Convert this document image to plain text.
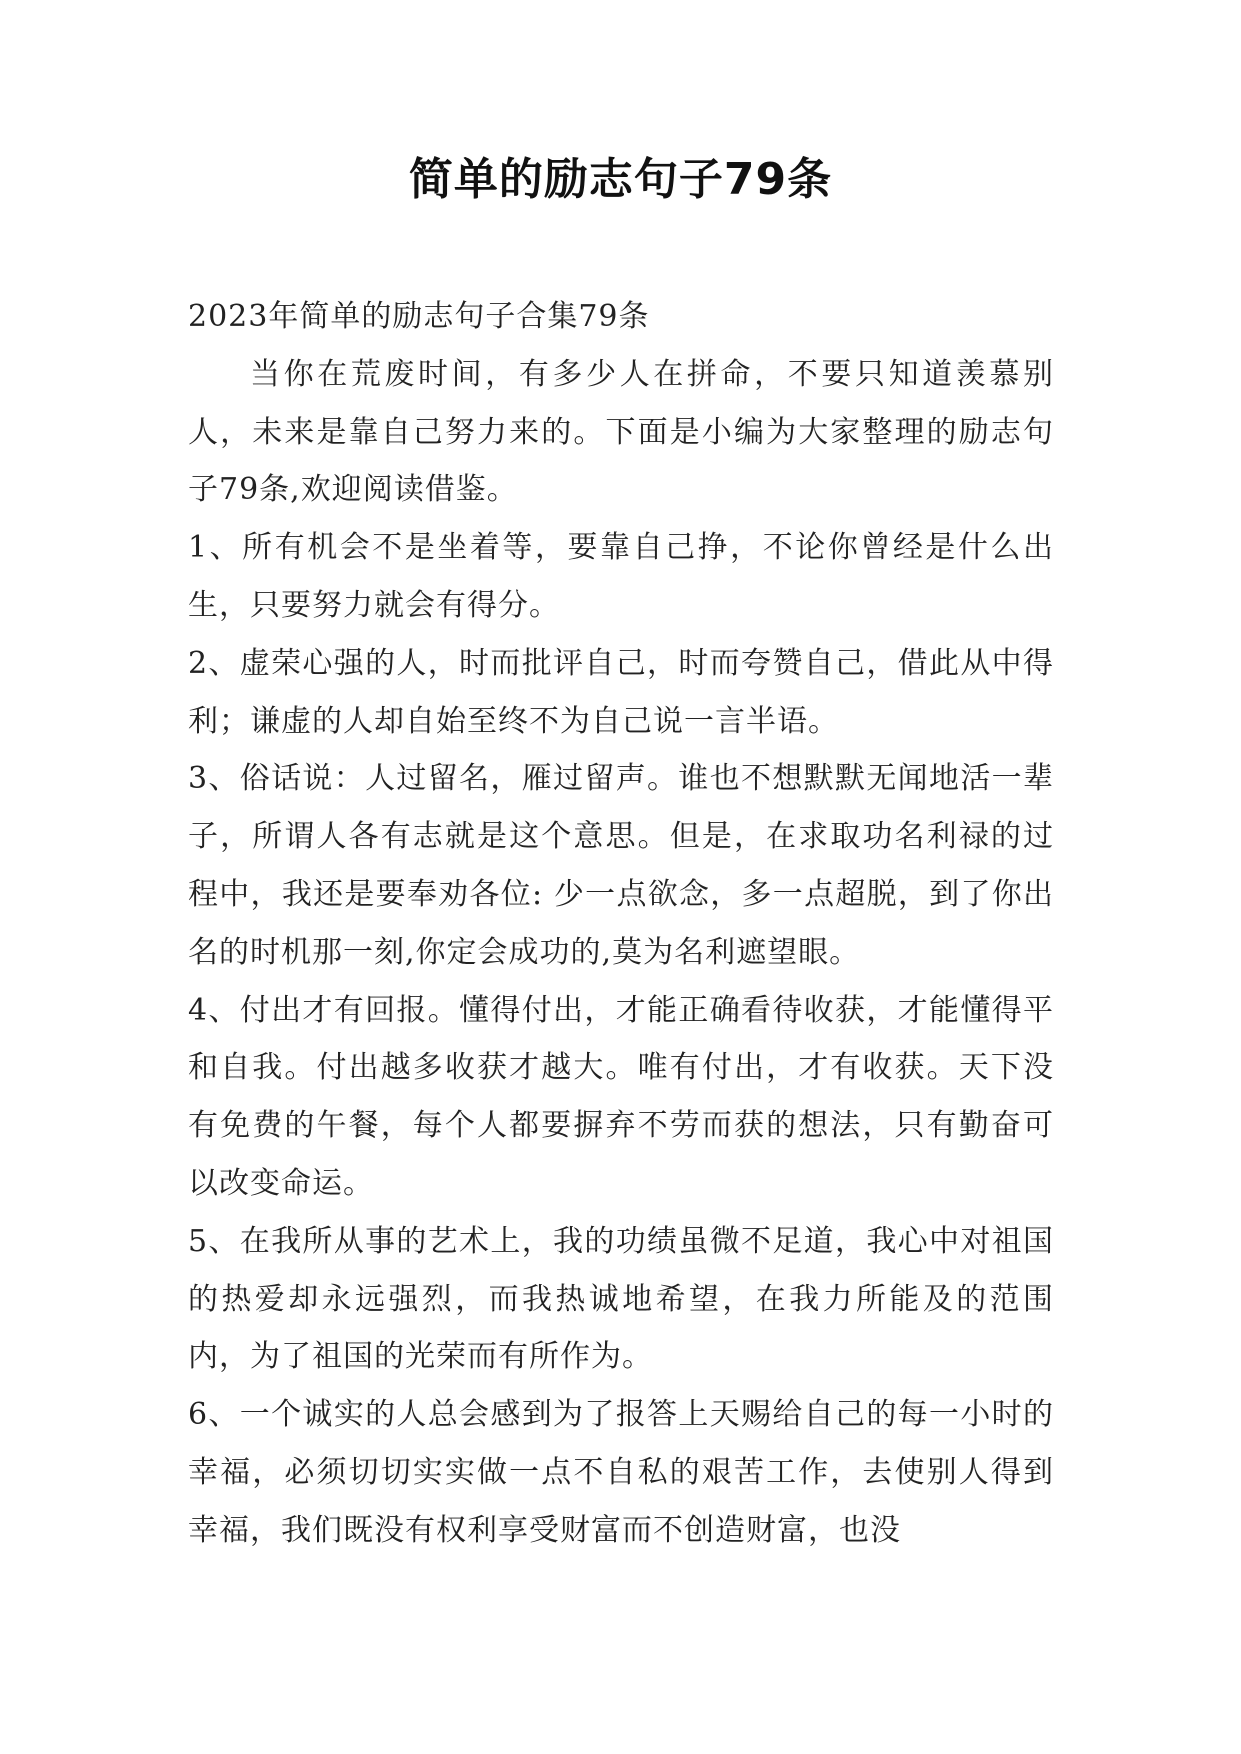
简单的励志句子79条

2023年简单的励志句子合集79条

当你在荒废时间，有多少人在拼命，不要只知道羡慕别人，未来是靠自己努力来的。下面是小编为大家整理的励志句子79条,欢迎阅读借鉴。

1、所有机会不是坐着等，要靠自己挣，不论你曾经是什么出生，只要努力就会有得分。

2、虚荣心强的人，时而批评自己，时而夸赞自己，借此从中得利；谦虚的人却自始至终不为自己说一言半语。

3、俗话说：人过留名，雁过留声。谁也不想默默无闻地活一辈子，所谓人各有志就是这个意思。但是，在求取功名利禄的过程中，我还是要奉劝各位: 少一点欲念，多一点超脱，到了你出名的时机那一刻,你定会成功的,莫为名利遮望眼。

4、付出才有回报。懂得付出，才能正确看待收获，才能懂得平和自我。付出越多收获才越大。唯有付出，才有收获。天下没有免费的午餐，每个人都要摒弃不劳而获的想法，只有勤奋可以改变命运。

5、在我所从事的艺术上，我的功绩虽微不足道，我心中对祖国的热爱却永远强烈，而我热诚地希望，在我力所能及的范围内，为了祖国的光荣而有所作为。

6、一个诚实的人总会感到为了报答上天赐给自己的每一小时的幸福，必须切切实实做一点不自私的艰苦工作，去使别人得到幸福，我们既没有权利享受财富而不创造财富，也没
